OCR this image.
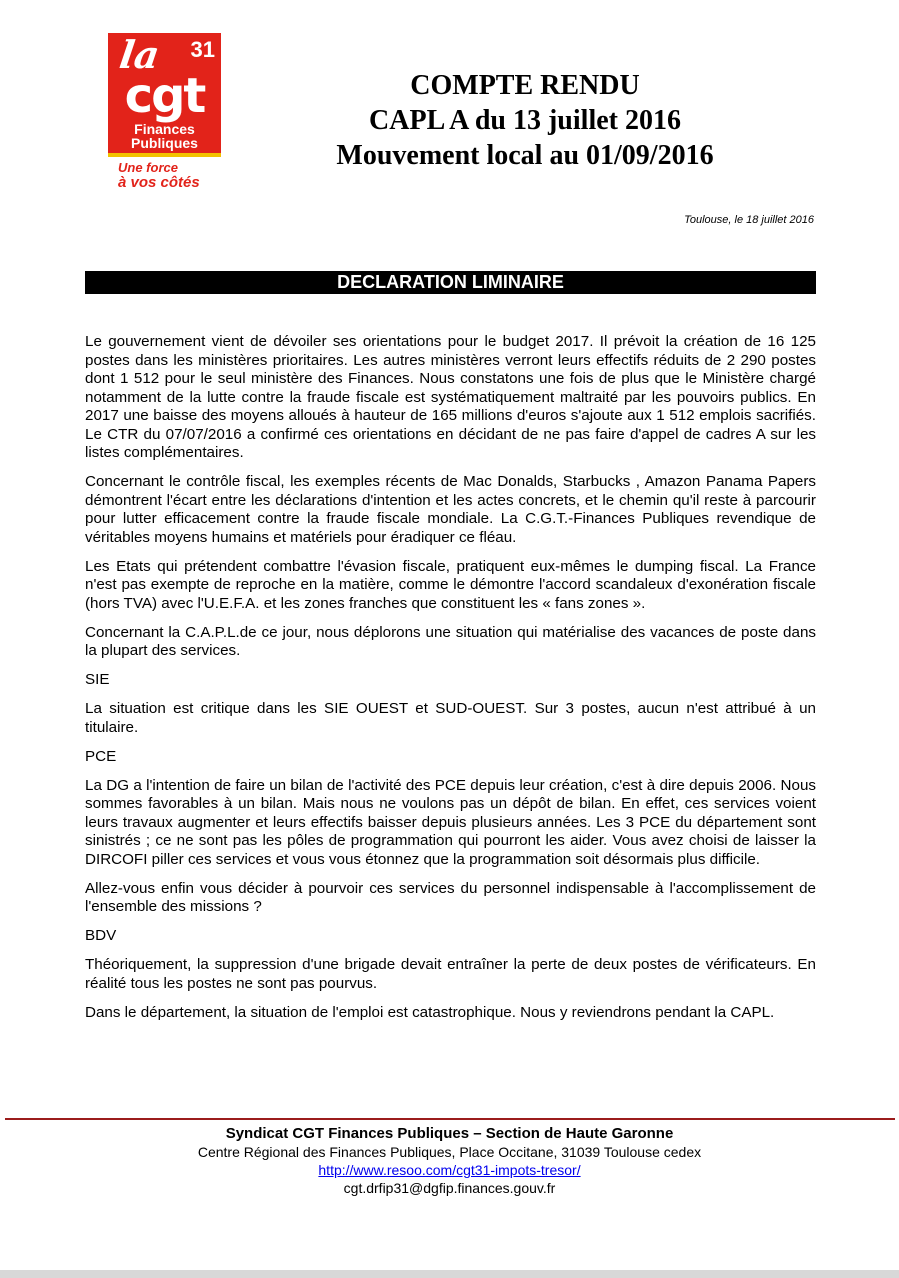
la 31
cgt
Finances Publiques
Une force
à vos côtés
COMPTE RENDU
CAPL A du 13 juillet 2016
Mouvement local au 01/09/2016
Toulouse, le 18 juillet 2016
DECLARATION LIMINAIRE

Le gouvernement vient de dévoiler ses orientations pour le budget 2017. Il prévoit la création de 16 125 postes dans les ministères prioritaires. Les autres ministères verront leurs effectifs réduits de 2 290 postes dont 1 512 pour le seul ministère des Finances. Nous constatons une fois de plus que le Ministère chargé notamment de la lutte contre la fraude fiscale est systématiquement maltraité par les pouvoirs publics. En 2017 une baisse des moyens alloués à hauteur de 165 millions d'euros s'ajoute aux 1 512 emplois sacrifiés. Le CTR du 07/07/2016 a confirmé ces orientations en décidant de ne pas faire d'appel de cadres A sur les listes complémentaires.

Concernant le contrôle fiscal, les exemples récents de Mac Donalds, Starbucks , Amazon Panama Papers démontrent l'écart entre les déclarations d'intention et les actes concrets, et le chemin qu'il reste à parcourir pour lutter efficacement contre la fraude fiscale mondiale. La C.G.T.-Finances Publiques revendique de véritables moyens humains et matériels pour éradiquer ce fléau.

Les Etats qui prétendent combattre l'évasion fiscale, pratiquent eux-mêmes le dumping fiscal. La France n'est pas exempte de reproche en la matière, comme le démontre l'accord scandaleux d'exonération fiscale (hors TVA) avec l'U.E.F.A. et les zones franches que constituent les « fans zones ».

Concernant la C.A.P.L.de ce jour, nous déplorons une situation qui matérialise des vacances de poste dans la plupart des services.

SIE

La situation est critique dans les SIE OUEST et SUD-OUEST. Sur 3 postes, aucun n'est attribué à un titulaire.

PCE

La DG a l'intention de faire un bilan de l'activité des PCE depuis leur création, c'est à dire depuis 2006. Nous sommes favorables à un bilan. Mais nous ne voulons pas un dépôt de bilan. En effet, ces services voient leurs travaux augmenter et leurs effectifs baisser depuis plusieurs années. Les 3 PCE du département sont sinistrés ; ce ne sont pas les pôles de programmation qui pourront les aider. Vous avez choisi de laisser la DIRCOFI piller ces services et vous vous étonnez que la programmation soit désormais plus difficile.

Allez-vous enfin vous décider à pourvoir ces services du personnel indispensable à l'accomplissement de l'ensemble des missions ?

BDV

Théoriquement, la suppression d'une brigade devait entraîner la perte de deux postes de vérificateurs. En réalité tous les postes ne sont pas pourvus.

Dans le département, la situation de l'emploi est catastrophique. Nous y reviendrons pendant la CAPL.

Syndicat CGT Finances Publiques – Section de Haute Garonne
Centre Régional des Finances Publiques, Place Occitane, 31039 Toulouse cedex
http://www.resoo.com/cgt31-impots-tresor/
cgt.drfip31@dgfip.finances.gouv.fr
